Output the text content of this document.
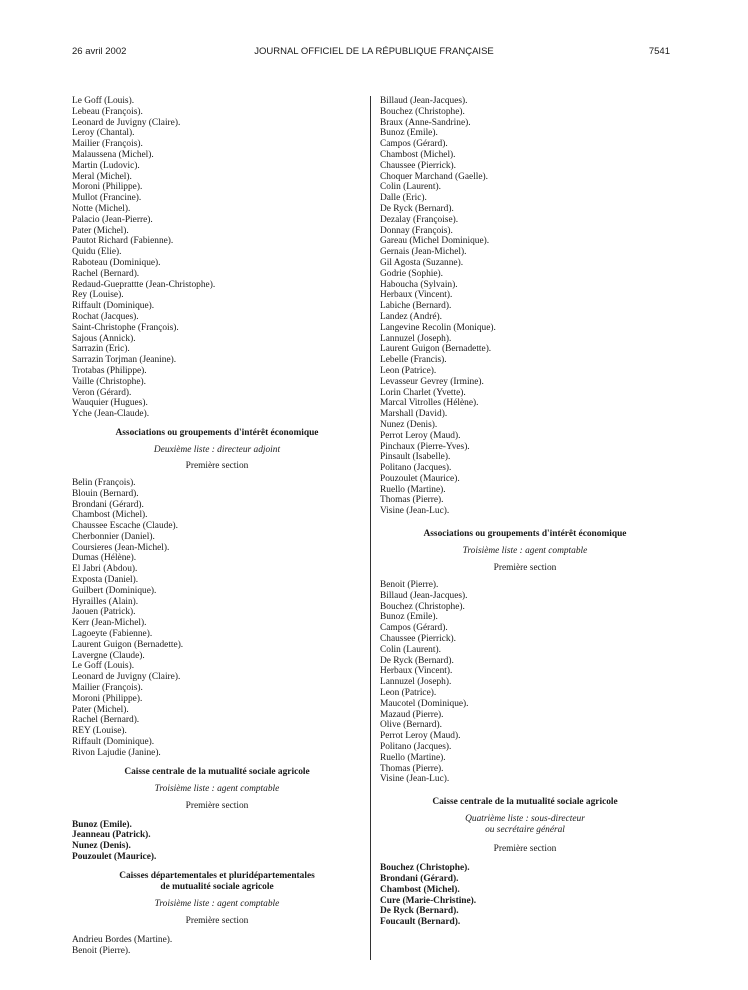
26 avril 2002	JOURNAL OFFICIEL DE LA RÉPUBLIQUE FRANÇAISE	7541
Le Goff (Louis).
Lebeau (François).
Leonard de Juvigny (Claire).
Leroy (Chantal).
Mailier (François).
Malaussena (Michel).
Martin (Ludovic).
Meral (Michel).
Moroni (Philippe).
Mullot (Francine).
Notte (Michel).
Palacio (Jean-Pierre).
Pater (Michel).
Pautot Richard (Fabienne).
Quidu (Elie).
Raboteau (Dominique).
Rachel (Bernard).
Redaud-Gueprattte (Jean-Christophe).
Rey (Louise).
Riffault (Dominique).
Rochat (Jacques).
Saint-Christophe (François).
Sajous (Annick).
Sarrazin (Eric).
Sarrazin Torjman (Jeanine).
Trotabas (Philippe).
Vaille (Christophe).
Veron (Gérard).
Wauquier (Hugues).
Yche (Jean-Claude).
Associations ou groupements d'intérêt économique
Deuxième liste : directeur adjoint
Première section
Belin (François).
Blouin (Bernard).
Brondani (Gérard).
Chambost (Michel).
Chaussee Escache (Claude).
Cherbonnier (Daniel).
Coursieres (Jean-Michel).
Dumas (Hélène).
El Jabri (Abdou).
Exposta (Daniel).
Guilbert (Dominique).
Hyrailles (Alain).
Jaouen (Patrick).
Kerr (Jean-Michel).
Lagoeyte (Fabienne).
Laurent Guigon (Bernadette).
Lavergne (Claude).
Le Goff (Louis).
Leonard de Juvigny (Claire).
Mailier (François).
Moroni (Philippe).
Pater (Michel).
Rachel (Bernard).
REY (Louise).
Riffault (Dominique).
Rivon Lajudie (Janine).
Caisse centrale de la mutualité sociale agricole
Troisième liste : agent comptable
Première section
Bunoz (Emile).
Jeanneau (Patrick).
Nunez (Denis).
Pouzoulet (Maurice).
Caisses départementales et pluridépartementales
de mutualité sociale agricole
Troisième liste : agent comptable
Première section
Andrieu Bordes (Martine).
Benoit (Pierre).
Billaud (Jean-Jacques).
Bouchez (Christophe).
Braux (Anne-Sandrine).
Bunoz (Emile).
Campos (Gérard).
Chambost (Michel).
Chaussee (Pierrick).
Choquer Marchand (Gaelle).
Colin (Laurent).
Dalle (Eric).
De Ryck (Bernard).
Dezalay (Françoise).
Donnay (François).
Gareau (Michel Dominique).
Gernais (Jean-Michel).
Gil Agosta (Suzanne).
Godrie (Sophie).
Haboucha (Sylvain).
Herbaux (Vincent).
Labiche (Bernard).
Landez (André).
Langevine Recolin (Monique).
Lannuzel (Joseph).
Laurent Guigon (Bernadette).
Lebelle (Francis).
Leon (Patrice).
Levasseur Gevrey (Irmine).
Lorin Charlet (Yvette).
Marcal Vitrolles (Hélène).
Marshall (David).
Nunez (Denis).
Perrot Leroy (Maud).
Pinchaux (Pierre-Yves).
Pinsault (Isabelle).
Politano (Jacques).
Pouzoulet (Maurice).
Ruello (Martine).
Thomas (Pierre).
Visine (Jean-Luc).
Associations ou groupements d'intérêt économique
Troisième liste : agent comptable
Première section
Benoit (Pierre).
Billaud (Jean-Jacques).
Bouchez (Christophe).
Bunoz (Emile).
Campos (Gérard).
Chaussee (Pierrick).
Colin (Laurent).
De Ryck (Bernard).
Herbaux (Vincent).
Lannuzel (Joseph).
Leon (Patrice).
Maucotel (Dominique).
Mazaud (Pierre).
Olive (Bernard).
Perrot Leroy (Maud).
Politano (Jacques).
Ruello (Martine).
Thomas (Pierre).
Visine (Jean-Luc).
Caisse centrale de la mutualité sociale agricole
Quatrième liste : sous-directeur
ou secrétaire général
Première section
Bouchez (Christophe).
Brondani (Gérard).
Chambost (Michel).
Cure (Marie-Christine).
De Ryck (Bernard).
Foucault (Bernard).
